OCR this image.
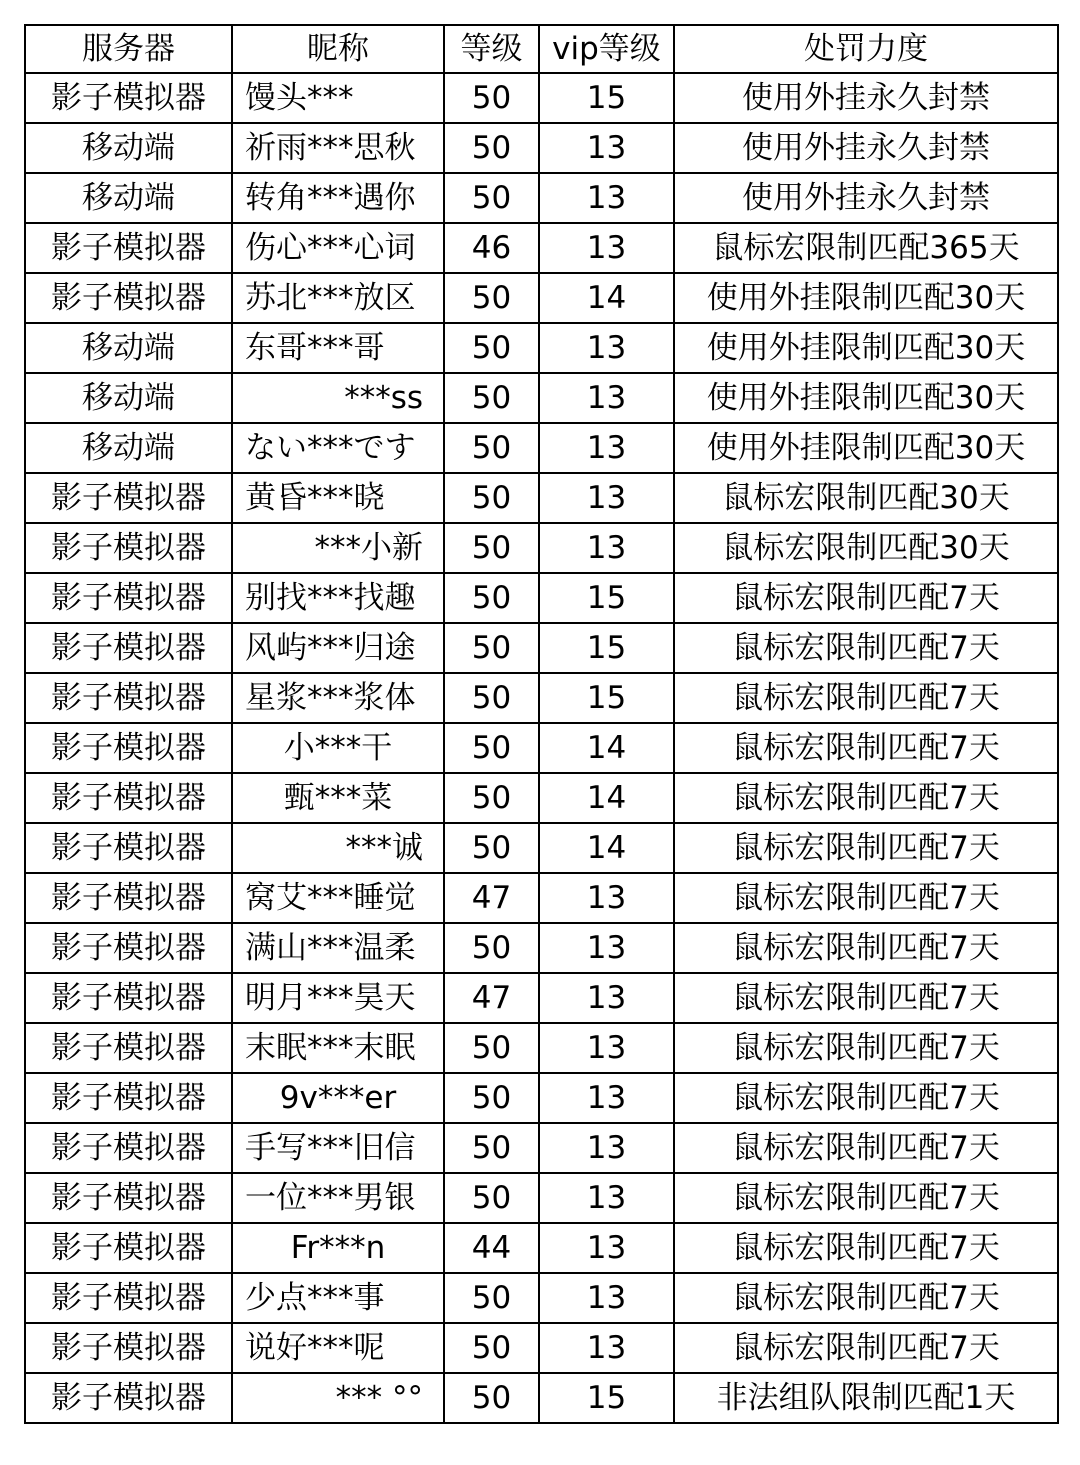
服务器	昵称	等级	vip等级	处罚力度
影子模拟器	馒头***	50	15	使用外挂永久封禁
移动端	祈雨***思秋	50	13	使用外挂永久封禁
移动端	转角***遇你	50	13	使用外挂永久封禁
影子模拟器	伤心***心词	46	13	鼠标宏限制匹配365天
影子模拟器	苏北***放区	50	14	使用外挂限制匹配30天
移动端	东哥***哥	50	13	使用外挂限制匹配30天
移动端	***ss	50	13	使用外挂限制匹配30天
移动端	ない***です	50	13	使用外挂限制匹配30天
影子模拟器	黄昏***晓	50	13	鼠标宏限制匹配30天
影子模拟器	***小新	50	13	鼠标宏限制匹配30天
影子模拟器	别找***找趣	50	15	鼠标宏限制匹配7天
影子模拟器	风屿***归途	50	15	鼠标宏限制匹配7天
影子模拟器	星浆***浆体	50	15	鼠标宏限制匹配7天
影子模拟器	小***干	50	14	鼠标宏限制匹配7天
影子模拟器	甄***菜	50	14	鼠标宏限制匹配7天
影子模拟器	***诚	50	14	鼠标宏限制匹配7天
影子模拟器	窝艾***睡觉	47	13	鼠标宏限制匹配7天
影子模拟器	满山***温柔	50	13	鼠标宏限制匹配7天
影子模拟器	明月***昊天	47	13	鼠标宏限制匹配7天
影子模拟器	末眠***末眠	50	13	鼠标宏限制匹配7天
影子模拟器	9v***er	50	13	鼠标宏限制匹配7天
影子模拟器	手写***旧信	50	13	鼠标宏限制匹配7天
影子模拟器	一位***男银	50	13	鼠标宏限制匹配7天
影子模拟器	Fr***n	44	13	鼠标宏限制匹配7天
影子模拟器	少点***事	50	13	鼠标宏限制匹配7天
影子模拟器	说好***呢	50	13	鼠标宏限制匹配7天
影子模拟器	*** °°	50	15	非法组队限制匹配1天
